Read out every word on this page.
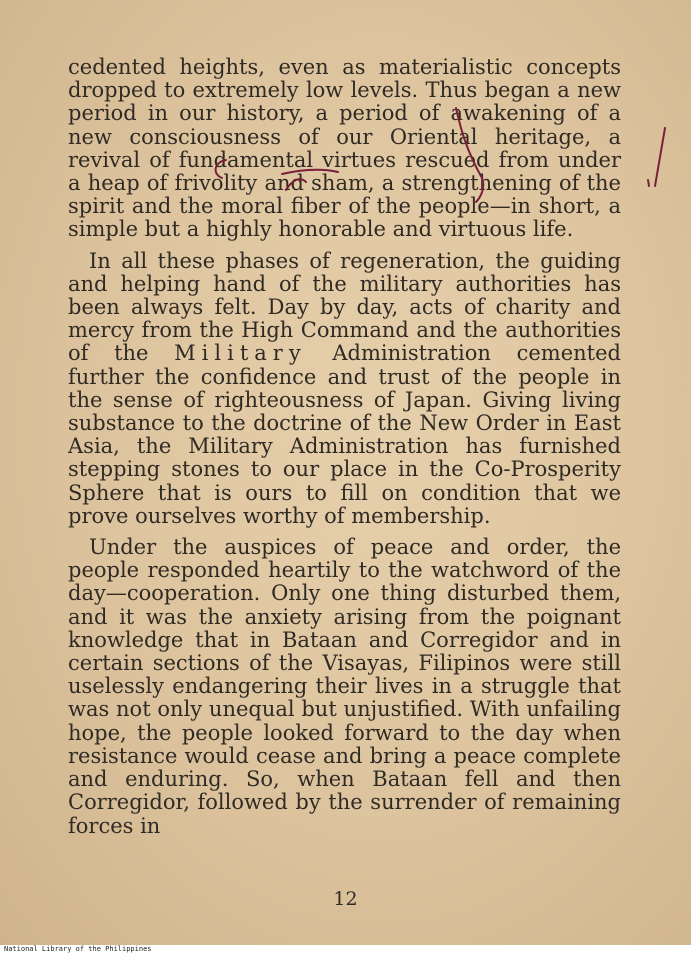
cedented heights, even as materialistic concepts dropped to extremely low levels. Thus began a new period in our history, a period of awakening of a new consciousness of our Oriental heritage, a revival of fundamental virtues rescued from under a heap of frivolity and sham, a strengthening of the spirit and the moral fiber of the people—in short, a simple but a highly honorable and virtuous life.

In all these phases of regeneration, the guiding and helping hand of the military authorities has been always felt. Day by day, acts of charity and mercy from the High Command and the authorities of the Military Administration cemented further the confidence and trust of the people in the sense of righteousness of Japan. Giving living substance to the doctrine of the New Order in East Asia, the Military Administration has furnished stepping stones to our place in the Co-Prosperity Sphere that is ours to fill on condition that we prove ourselves worthy of membership.

Under the auspices of peace and order, the people responded heartily to the watchword of the day—cooperation. Only one thing disturbed them, and it was the anxiety arising from the poignant knowledge that in Bataan and Corregidor and in certain sections of the Visayas, Filipinos were still uselessly endangering their lives in a struggle that was not only unequal but unjustified. With unfailing hope, the people looked forward to the day when resistance would cease and bring a peace complete and enduring. So, when Bataan fell and then Corregidor, followed by the surrender of remaining forces in

12
National Library of the Philippines
